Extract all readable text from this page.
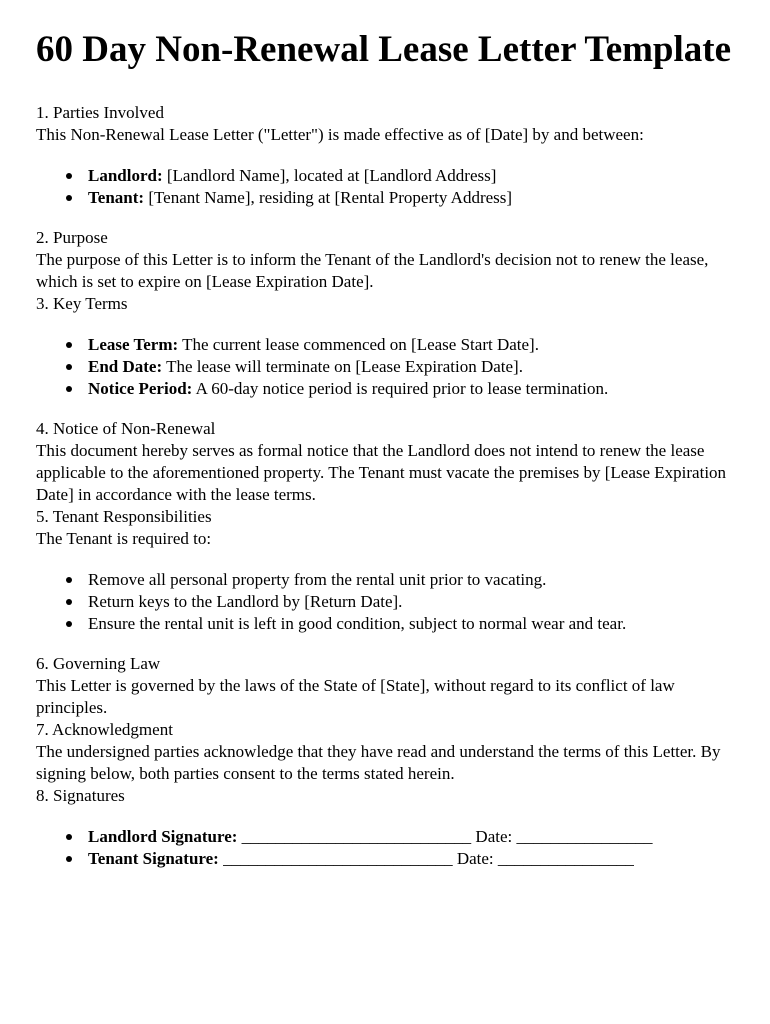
60 Day Non-Renewal Lease Letter Template

1. Parties Involved

This Non-Renewal Lease Letter ("Letter") is made effective as of [Date] by and between:

Landlord: [Landlord Name], located at [Landlord Address]
Tenant: [Tenant Name], residing at [Rental Property Address]

2. Purpose

The purpose of this Letter is to inform the Tenant of the Landlord's decision not to renew the lease, which is set to expire on [Lease Expiration Date].

3. Key Terms

Lease Term: The current lease commenced on [Lease Start Date].
End Date: The lease will terminate on [Lease Expiration Date].
Notice Period: A 60-day notice period is required prior to lease termination.

4. Notice of Non-Renewal

This document hereby serves as formal notice that the Landlord does not intend to renew the lease applicable to the aforementioned property. The Tenant must vacate the premises by [Lease Expiration Date] in accordance with the lease terms.

5. Tenant Responsibilities

The Tenant is required to:

Remove all personal property from the rental unit prior to vacating.
Return keys to the Landlord by [Return Date].
Ensure the rental unit is left in good condition, subject to normal wear and tear.

6. Governing Law

This Letter is governed by the laws of the State of [State], without regard to its conflict of law principles.

7. Acknowledgment

The undersigned parties acknowledge that they have read and understand the terms of this Letter. By signing below, both parties consent to the terms stated herein.

8. Signatures

Landlord Signature: ___________________________ Date: ________________
Tenant Signature: ___________________________ Date: ________________
